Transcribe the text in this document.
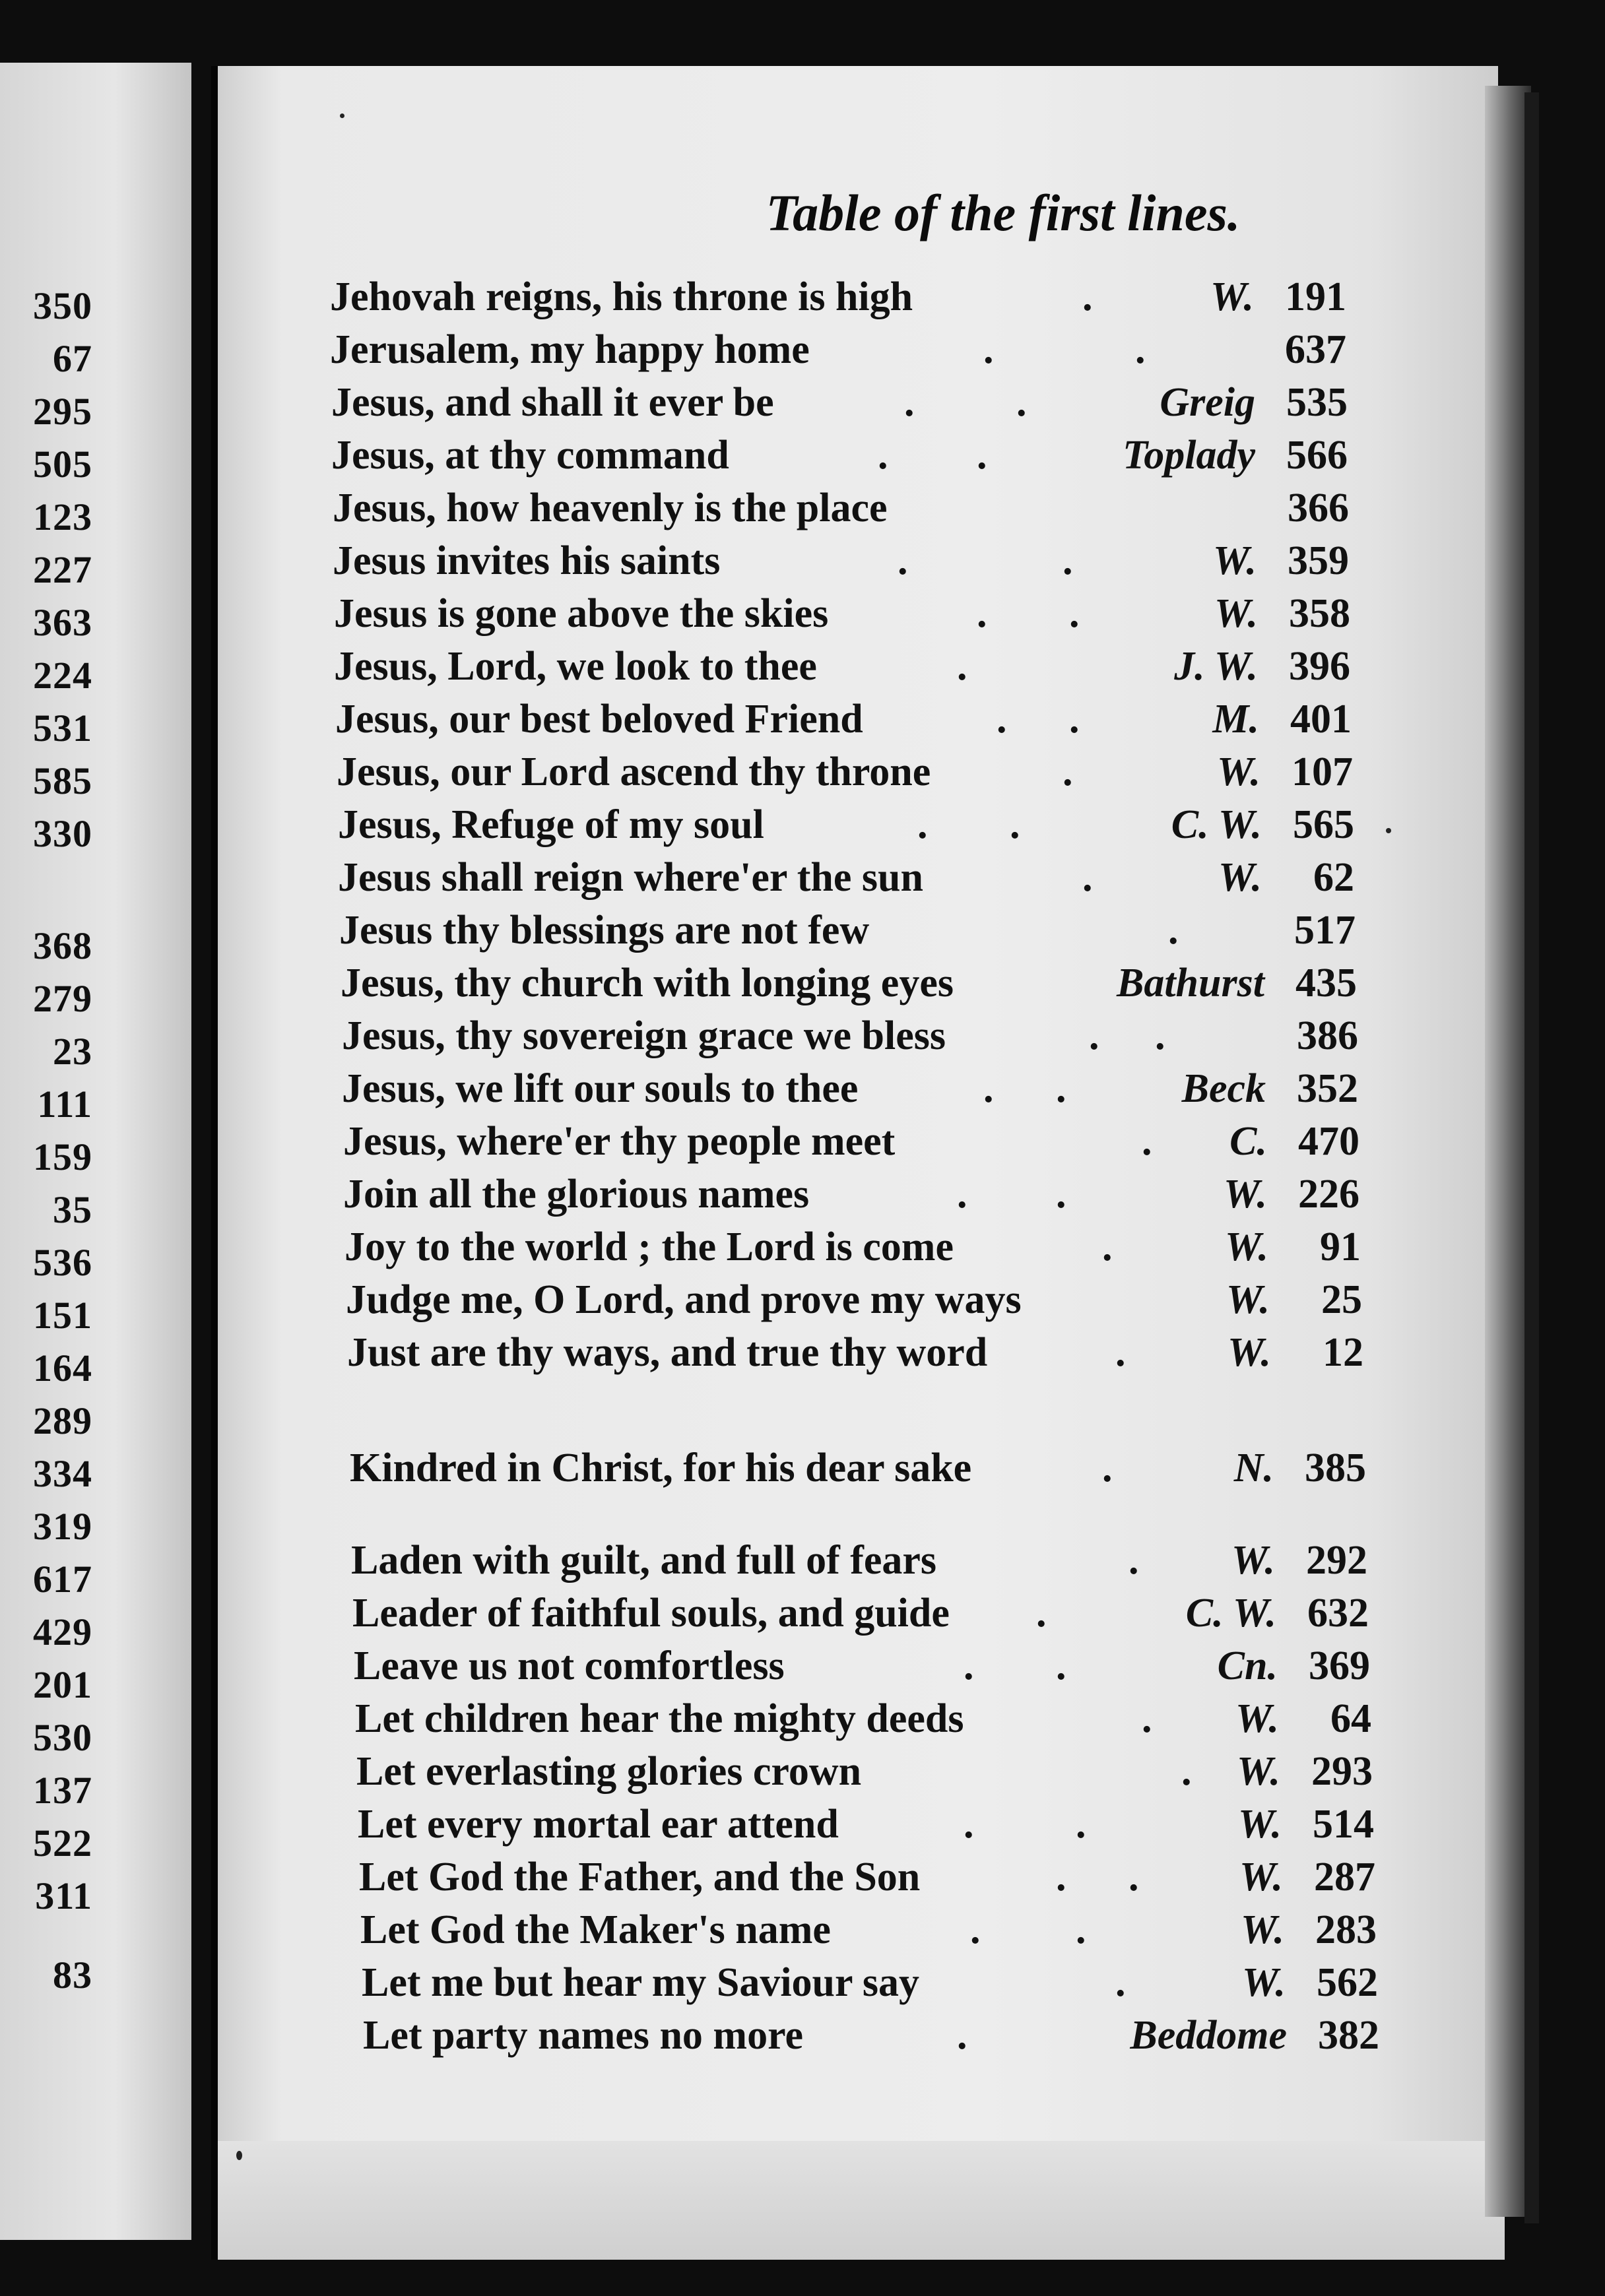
350
67
295
505
123
227
363
224
531
585
330
368
279
23
111
159
35
536
151
164
289
334
319
617
429
201
530
137
522
311
83
Table of the first lines.
Jehovah reigns, his throne is high	.	W. 191
Jerusalem, my happy home	.	.	637
Jesus, and shall it ever be	. .	Greig 535
Jesus, at thy command	. .	Toplady 566
Jesus, how heavenly is the place	366
Jesus invites his saints	.	.	W. 359
Jesus is gone above the skies	. .	W. 358
Jesus, Lord, we look to thee	.	J. W. 396
Jesus, our best beloved Friend	. .	M. 401
Jesus, our Lord ascend thy throne	.	W. 107
Jesus, Refuge of my soul	. .	C. W. 565
Jesus shall reign where'er the sun	.	W.	62
Jesus thy blessings are not few	.	517
Jesus, thy church with longing eyes	Bathurst 435
Jesus, thy sovereign grace we bless	. .	386
Jesus, we lift our souls to thee	. .	Beck 352
Jesus, where'er thy people meet	. C. 470
Join all the glorious names	. .	W. 226
Joy to the world ; the Lord is come	.	W.	91
Judge me, O Lord, and prove my ways	W.	25
Just are thy ways, and true thy word	. W.	12
Kindred in Christ, for his dear sake	.	N. 385
Laden with guilt, and full of fears	. W. 292
Leader of faithful souls, and guide .	C. W. 632
Leave us not comfortless	. .	Cn. 369
Let children hear the mighty deeds	. W.	64
Let everlasting glories crown	. W. 293
Let every mortal ear attend	. .	W. 514
Let God the Father, and the Son	. . W. 287
Let God the Maker's name	. .	W. 283
Let me but hear my Saviour say	.	W. 562
Let party names no more	.	Beddome 382
